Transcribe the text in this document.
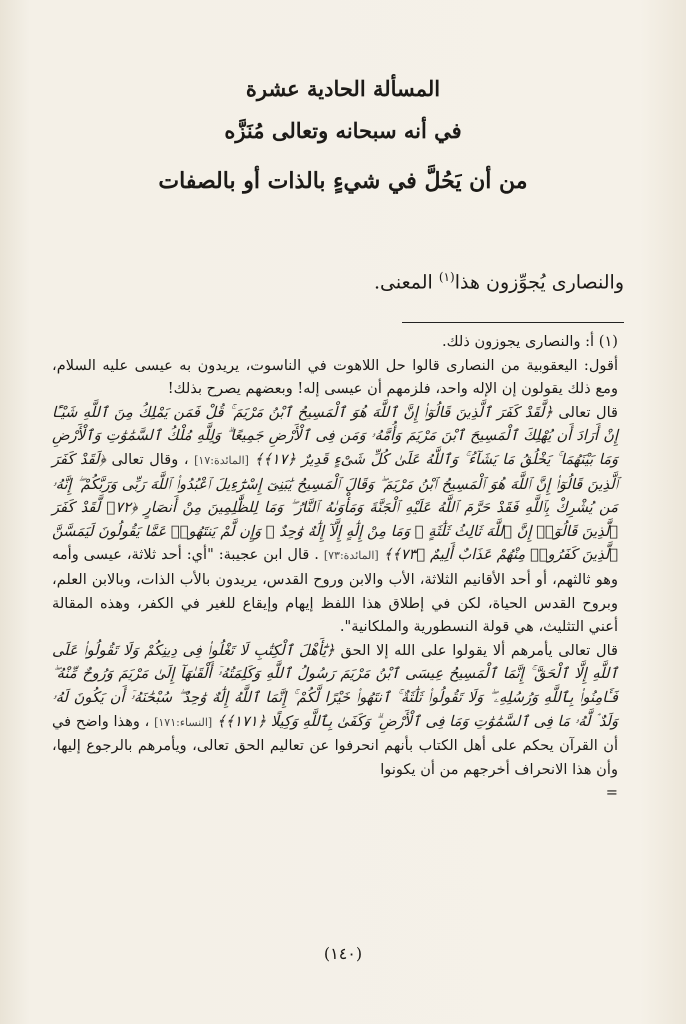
المسألة الحادية عشرة
في أنه سبحانه وتعالى مُنَزَّه
من أن يَحُلَّ في شيءٍ بالذات أو بالصفات
والنصارى يُجوِّزون هذا$^{(١)}$ المعنى.

(١) أ: والنصارى يجوزون ذلك.

أقول: اليعقوبية من النصارى قالوا حل اللاهوت في الناسوت، يريدون به عيسى عليه السلام، ومع ذلك يقولون إن الإله واحد، فلزمهم أن عيسى إله! وبعضهم يصرح بذلك!

قال تعالى ﴿لَّقَدْ كَفَرَ ٱلَّذِينَ قَالُوٓا۟ إِنَّ ٱللَّهَ هُوَ ٱلْمَسِيحُ ٱبْنُ مَرْيَمَ ۚ قُلْ فَمَن يَمْلِكُ مِنَ ٱللَّهِ شَيْـًٔا إِنْ أَرَادَ أَن يُهْلِكَ ٱلْمَسِيحَ ٱبْنَ مَرْيَمَ وَأُمَّهُۥ وَمَن فِى ٱلْأَرْضِ جَمِيعًا ۗ وَلِلَّهِ مُلْكُ ٱلسَّمَٰوَٰتِ وَٱلْأَرْضِ وَمَا بَيْنَهُمَا ۚ يَخْلُقُ مَا يَشَآءُ ۚ وَٱللَّهُ عَلَىٰ كُلِّ شَىْءٍ قَدِيرٌ ﴿١٧﴾﴾ [المائدة:١٧] ، وقال تعالى ﴿لَقَدْ كَفَرَ ٱلَّذِينَ قَالُوٓا۟ إِنَّ ٱللَّهَ هُوَ ٱلْمَسِيحُ ٱبْنُ مَرْيَمَ ۖ وَقَالَ ٱلْمَسِيحُ يَٰبَنِىٓ إِسْرَٰٓءِيلَ ٱعْبُدُوا۟ ٱللَّهَ رَبِّى وَرَبَّكُمْ ۖ إِنَّهُۥ مَن يُشْرِكْ بِٱللَّهِ فَقَدْ حَرَّمَ ٱللَّهُ عَلَيْهِ ٱلْجَنَّةَ وَمَأْوَىٰهُ ٱلنَّارُ ۖ وَمَا لِلظَّٰلِمِينَ مِنْ أَنصَارٍ ﴿٧٢﴾ لَّقَدْ كَفَرَ ٱلَّذِينَ قَالُوٓا۟ إِنَّ ٱللَّهَ ثَالِثُ ثَلَٰثَةٍ ۘ وَمَا مِنْ إِلَٰهٍ إِلَّآ إِلَٰهٌ وَٰحِدٌ ۚ وَإِن لَّمْ يَنتَهُوا۟ عَمَّا يَقُولُونَ لَيَمَسَّنَّ ٱلَّذِينَ كَفَرُوا۟ مِنْهُمْ عَذَابٌ أَلِيمٌ ﴿٧٣﴾﴾ [المائدة:٧٣] . قال ابن عجيبة: "أي: أحد ثلاثة، عيسى وأمه وهو ثالثهم، أو أحد الأقانيم الثلاثة، الأب والابن وروح القدس، يريدون بالأب الذات، وبالابن العلم، وبروح القدس الحياة، لكن في إطلاق هذا اللفظ إيهام وإيقاع للغير في الكفر، وهذه المقالة أعني التثليث، هي قولة النسطورية والملكانية".

قال تعالى يأمرهم ألا يقولوا على الله إلا الحق ﴿يَٰٓأَهْلَ ٱلْكِتَٰبِ لَا تَغْلُوا۟ فِى دِينِكُمْ وَلَا تَقُولُوا۟ عَلَى ٱللَّهِ إِلَّا ٱلْحَقَّ ۚ إِنَّمَا ٱلْمَسِيحُ عِيسَى ٱبْنُ مَرْيَمَ رَسُولُ ٱللَّهِ وَكَلِمَتُهُۥٓ أَلْقَىٰهَآ إِلَىٰ مَرْيَمَ وَرُوحٌ مِّنْهُ ۖ فَـَٔامِنُوا۟ بِٱللَّهِ وَرُسُلِهِۦ ۖ وَلَا تَقُولُوا۟ ثَلَٰثَةٌ ۚ ٱنتَهُوا۟ خَيْرًا لَّكُمْ ۚ إِنَّمَا ٱللَّهُ إِلَٰهٌ وَٰحِدٌ ۖ سُبْحَٰنَهُۥٓ أَن يَكُونَ لَهُۥ وَلَدٌ ۘ لَّهُۥ مَا فِى ٱلسَّمَٰوَٰتِ وَمَا فِى ٱلْأَرْضِ ۗ وَكَفَىٰ بِٱللَّهِ وَكِيلًا ﴿١٧١﴾﴾ [النساء:١٧١] ، وهذا واضح في أن القرآن يحكم على أهل الكتاب بأنهم انحرفوا عن تعاليم الحق تعالى، ويأمرهم بالرجوع إليها، وأن هذا الانحراف أخرجهم من أن يكونوا

=

(١٤٠)
